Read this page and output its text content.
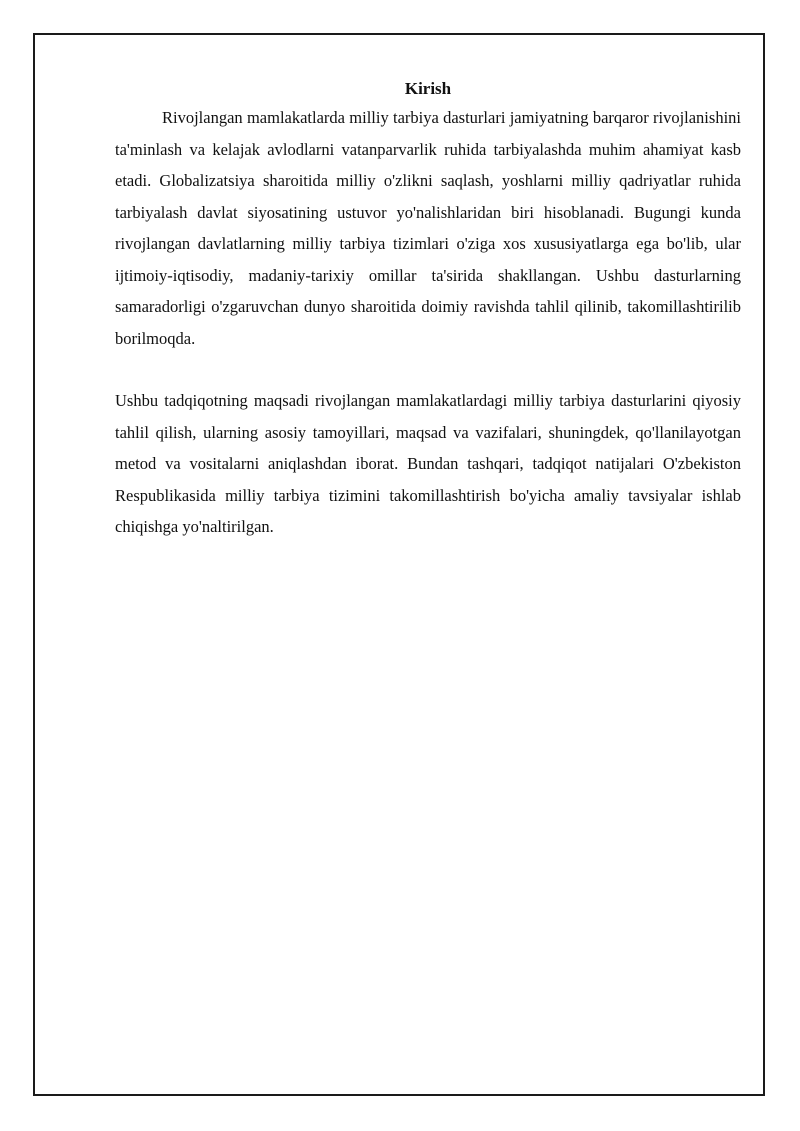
Kirish

Rivojlangan mamlakatlarda milliy tarbiya dasturlari jamiyatning barqaror rivojlanishini ta'minlash va kelajak avlodlarni vatanparvarlik ruhida tarbiyalashda muhim ahamiyat kasb etadi. Globalizatsiya sharoitida milliy o'zlikni saqlash, yoshlarni milliy qadriyatlar ruhida tarbiyalash davlat siyosatining ustuvor yo'nalishlaridan biri hisoblanadi. Bugungi kunda rivojlangan davlatlarning milliy tarbiya tizimlari o'ziga xos xususiyatlarga ega bo'lib, ular ijtimoiy-iqtisodiy, madaniy-tarixiy omillar ta'sirida shakllangan. Ushbu dasturlarning samaradorligi o'zgaruvchan dunyo sharoitida doimiy ravishda tahlil qilinib, takomillashtirilib borilmoqda.

Ushbu tadqiqotning maqsadi rivojlangan mamlakatlardagi milliy tarbiya dasturlarini qiyosiy tahlil qilish, ularning asosiy tamoyillari, maqsad va vazifalari, shuningdek, qo'llanilayotgan metod va vositalarni aniqlashdan iborat. Bundan tashqari, tadqiqot natijalari O'zbekiston Respublikasida milliy tarbiya tizimini takomillashtirish bo'yicha amaliy tavsiyalar ishlab chiqishga yo'naltirilgan.
